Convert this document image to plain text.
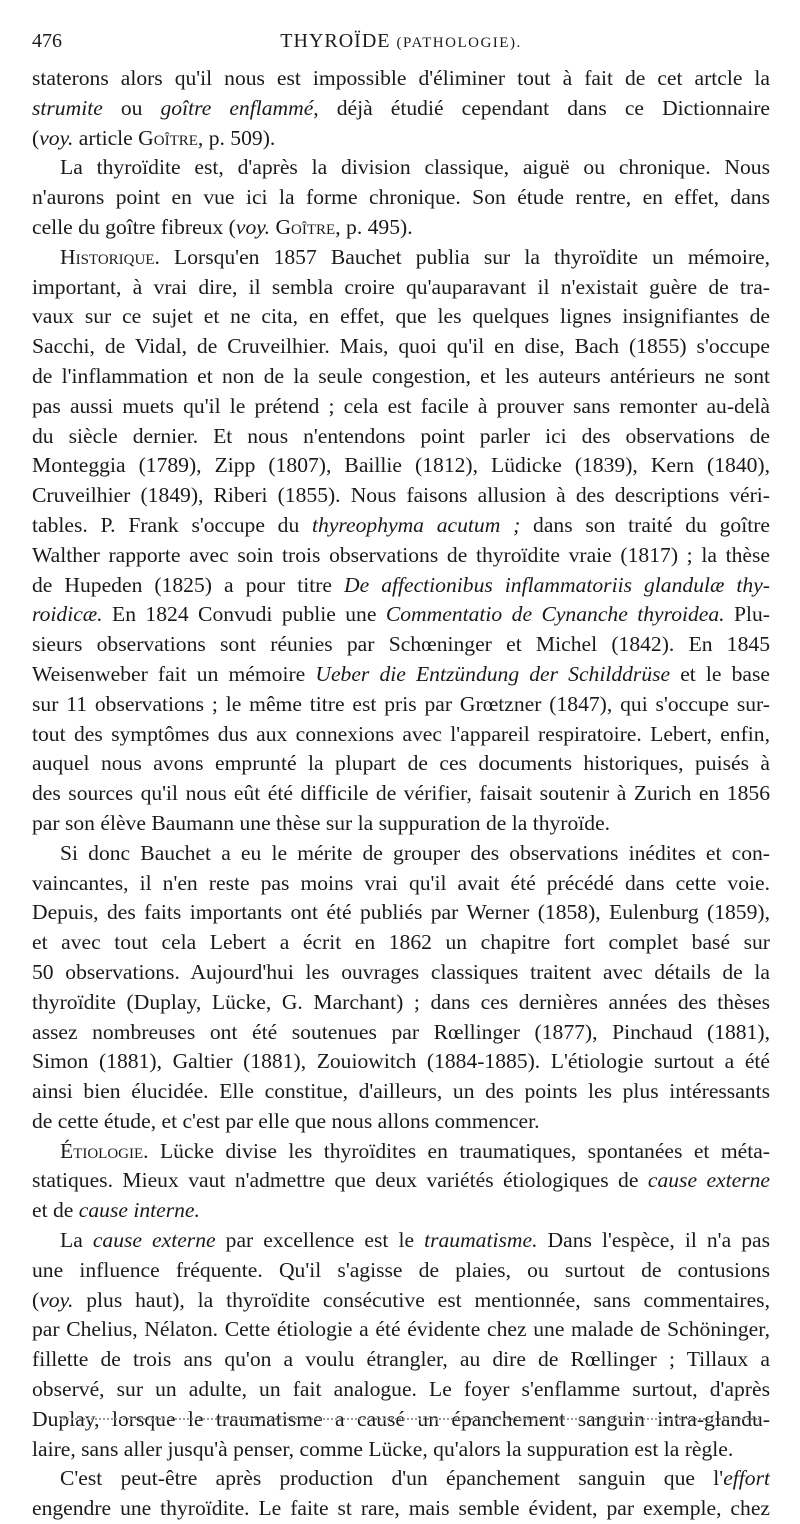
476	THYROÏDE (PATHOLOGIE).
staterons alors qu'il nous est impossible d'éliminer tout à fait de cet artcle la
strumite ou goître enflammé, déjà étudié cependant dans ce Dictionnaire
(voy. article Goître, p. 509).
La thyroïdite est, d'après la division classique, aiguë ou chronique. Nous
n'aurons point en vue ici la forme chronique. Son étude rentre, en effet, dans
celle du goître fibreux (voy. Goître, p. 495).
Historique. Lorsqu'en 1857 Bauchet publia sur la thyroïdite un mémoire,
important, à vrai dire, il sembla croire qu'auparavant il n'existait guère de tra-
vaux sur ce sujet et ne cita, en effet, que les quelques lignes insignifiantes de
Sacchi, de Vidal, de Cruveilhier. Mais, quoi qu'il en dise, Bach (1855) s'occupe
de l'inflammation et non de la seule congestion, et les auteurs antérieurs ne sont
pas aussi muets qu'il le prétend ; cela est facile à prouver sans remonter au-delà
du siècle dernier. Et nous n'entendons point parler ici des observations de
Monteggia (1789), Zipp (1807), Baillie (1812), Lüdicke (1839), Kern (1840),
Cruveilhier (1849), Riberi (1855). Nous faisons allusion à des descriptions véri-
tables. P. Frank s'occupe du thyreophyma acutum ; dans son traité du goître
Walther rapporte avec soin trois observations de thyroïdite vraie (1817) ; la thèse
de Hupeden (1825) a pour titre De affectionibus inflammatoriis glandulæ thy-
roidicæ. En 1824 Convudi publie une Commentatio de Cynanche thyroidea. Plu-
sieurs observations sont réunies par Schœninger et Michel (1842). En 1845
Weisenweber fait un mémoire Ueber die Entzündung der Schilddrüse et le base
sur 11 observations ; le même titre est pris par Grœtzner (1847), qui s'occupe sur-
tout des symptômes dus aux connexions avec l'appareil respiratoire. Lebert, enfin,
auquel nous avons emprunté la plupart de ces documents historiques, puisés à
des sources qu'il nous eût été difficile de vérifier, faisait soutenir à Zurich en 1856
par son élève Baumann une thèse sur la suppuration de la thyroïde.
Si donc Bauchet a eu le mérite de grouper des observations inédites et con-
vaincantes, il n'en reste pas moins vrai qu'il avait été précédé dans cette voie.
Depuis, des faits importants ont été publiés par Werner (1858), Eulenburg (1859),
et avec tout cela Lebert a écrit en 1862 un chapitre fort complet basé sur
50 observations. Aujourd'hui les ouvrages classiques traitent avec détails de la
thyroïdite (Duplay, Lücke, G. Marchant) ; dans ces dernières années des thèses
assez nombreuses ont été soutenues par Rœllinger (1877), Pinchaud (1881),
Simon (1881), Galtier (1881), Zouiowitch (1884-1885). L'étiologie surtout a été
ainsi bien élucidée. Elle constitue, d'ailleurs, un des points les plus intéressants
de cette étude, et c'est par elle que nous allons commencer.
Étiologie. Lücke divise les thyroïdites en traumatiques, spontanées et méta-
statiques. Mieux vaut n'admettre que deux variétés étiologiques de cause externe
et de cause interne.
La cause externe par excellence est le traumatisme. Dans l'espèce, il n'a pas
une influence fréquente. Qu'il s'agisse de plaies, ou surtout de contusions
(voy. plus haut), la thyroïdite consécutive est mentionnée, sans commentaires,
par Chelius, Nélaton. Cette étiologie a été évidente chez une malade de Schöninger,
fillette de trois ans qu'on a voulu étrangler, au dire de Rœllinger ; Tillaux a
observé, sur un adulte, un fait analogue. Le foyer s'enflamme surtout, d'après
Duplay, lorsque le traumatisme a causé un épanchement sanguin intra-glandu-
laire, sans aller jusqu'à penser, comme Lücke, qu'alors la suppuration est la règle.
C'est peut-être après production d'un épanchement sanguin que l'effort
engendre une thyroïdite. Le faite st rare, mais semble évident, par exemple, chez
